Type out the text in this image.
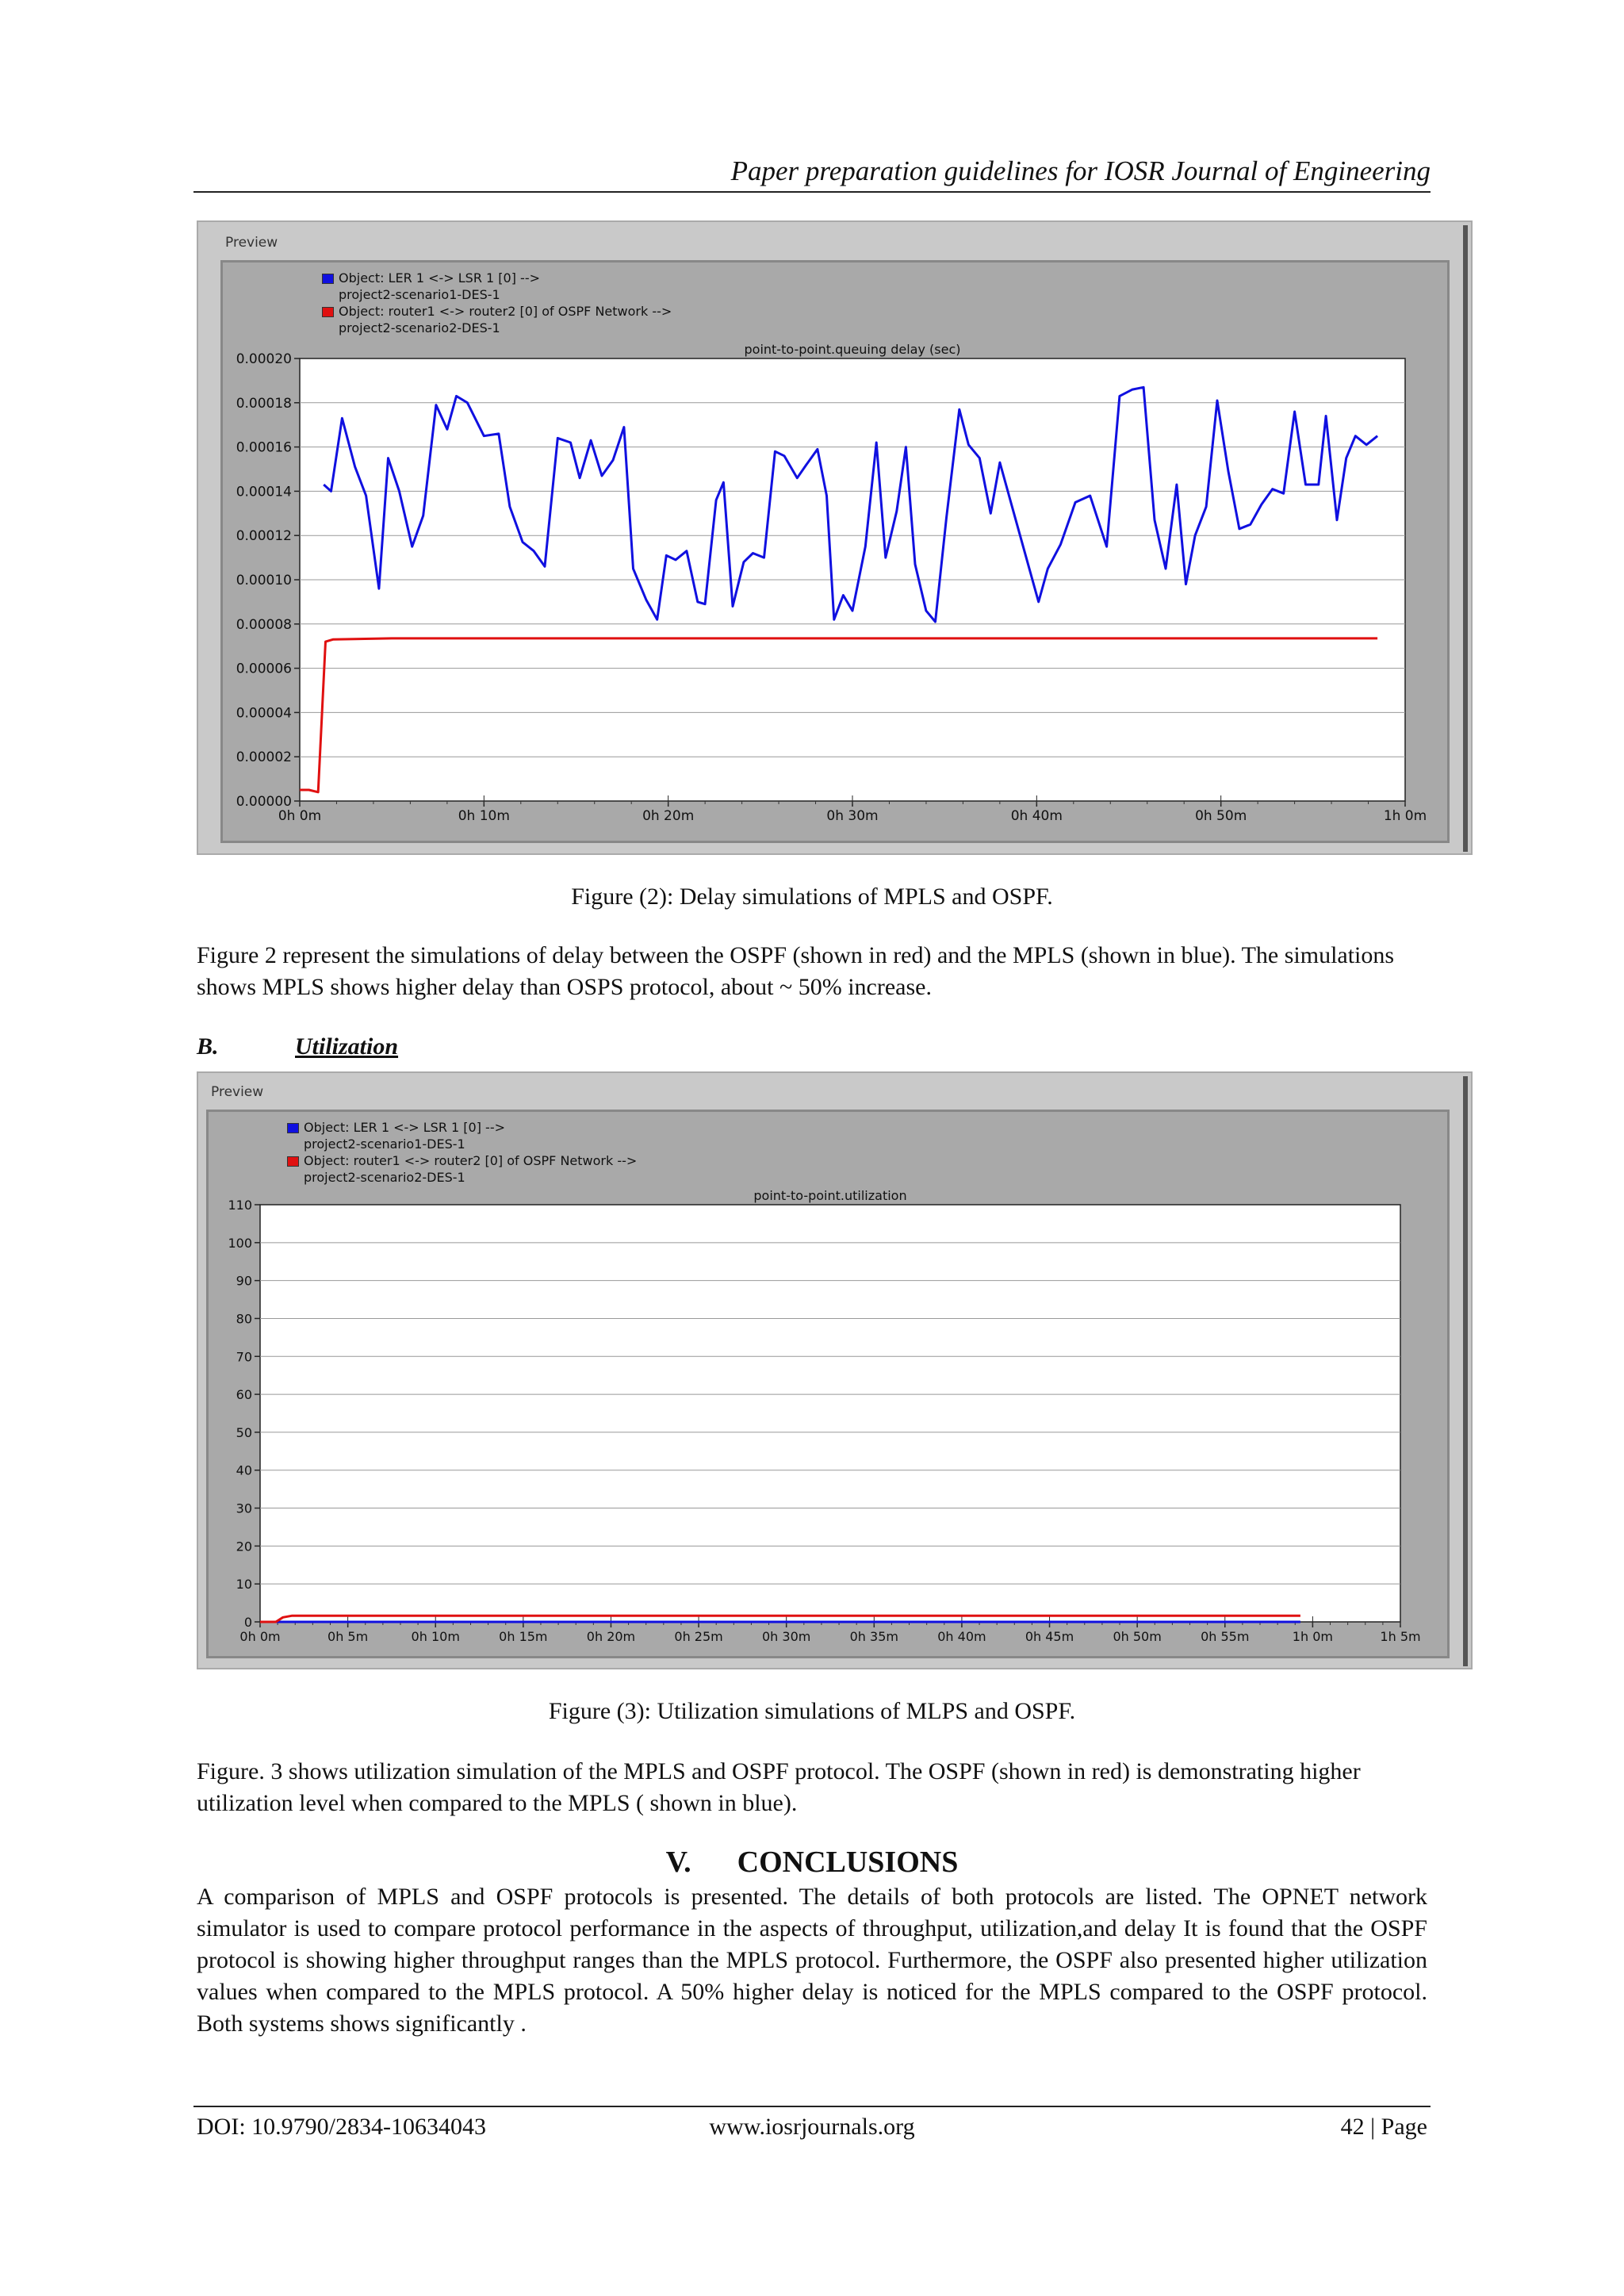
Paper preparation guidelines for IOSR Journal of Engineering
Preview
Object: LER 1 <-> LSR 1 [0] -->
project2-scenario1-DES-1
Object: router1 <-> router2 [0] of OSPF Network -->
project2-scenario2-DES-1
0.00000
0.00002
0.00004
0.00006
0.00008
0.00010
0.00012
0.00014
0.00016
0.00018
0.00020
0h 0m	0h 10m	0h 20m	0h 30m	0h 40m	0h 50m	1h 0m
point-to-point.queuing delay (sec)
Figure (2): Delay simulations of MPLS and OSPF.
Figure 2 represent the simulations of delay between the OSPF (shown in red) and the MPLS (shown in blue). The simulations shows MPLS shows higher delay than OSPS protocol, about ~ 50% increase.
B.	Utilization
Preview
Object: LER 1 <-> LSR 1 [0] -->
project2-scenario1-DES-1
Object: router1 <-> router2 [0] of OSPF Network -->
project2-scenario2-DES-1
0
10
20
30
40
50
60
70
80
90
100
110
0h 0m	0h 5m	0h 10m	0h 15m	0h 20m	0h 25m	0h 30m	0h 35m	0h 40m	0h 45m	0h 50m	0h 55m	1h 0m	1h 5m
point-to-point.utilization
Figure (3): Utilization simulations of MLPS and OSPF.
Figure. 3 shows utilization simulation of the MPLS and OSPF protocol. The OSPF (shown in red) is demonstrating higher utilization level when compared to the MPLS ( shown in blue).
V. CONCLUSIONS
A comparison of MPLS and OSPF protocols is presented. The details of both protocols are listed. The OPNET network simulator is used to compare protocol performance in the aspects of throughput, utilization,and delay It is found that the OSPF protocol is showing higher throughput ranges than the MPLS protocol. Furthermore, the OSPF also presented higher utilization values when compared to the MPLS protocol. A 50% higher delay is noticed for the MPLS compared to the OSPF protocol. Both systems shows significantly .
DOI: 10.9790/2834-10634043	www.iosrjournals.org	42 | Page
